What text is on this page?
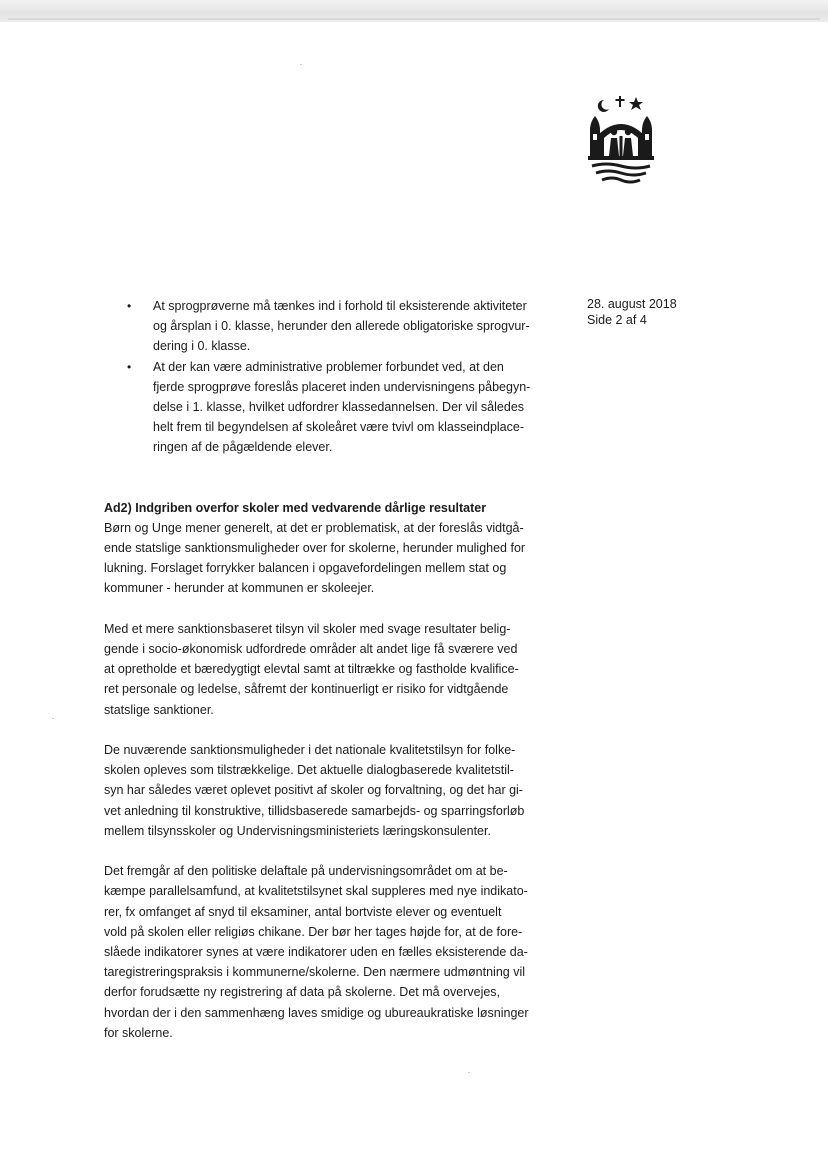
28. august 2018
Side 2 af 4
• At sprogprøverne må tænkes ind i forhold til eksisterende aktiviteter
og årsplan i 0. klasse, herunder den allerede obligatoriske sprogvur-
dering i 0. klasse.
• At der kan være administrative problemer forbundet ved, at den
fjerde sprogprøve foreslås placeret inden undervisningens påbegyn-
delse i 1. klasse, hvilket udfordrer klassedannelsen. Der vil således
helt frem til begyndelsen af skoleåret være tvivl om klasseindplace-
ringen af de pågældende elever.

Ad2) Indgriben overfor skoler med vedvarende dårlige resultater

Børn og Unge mener generelt, at det er problematisk, at der foreslås vidtgå-
ende statslige sanktionsmuligheder over for skolerne, herunder mulighed for
lukning. Forslaget forrykker balancen i opgavefordelingen mellem stat og
kommuner - herunder at kommunen er skoleejer.
Med et mere sanktionsbaseret tilsyn vil skoler med svage resultater belig-
gende i socio-økonomisk udfordrede områder alt andet lige få sværere ved
at opretholde et bæredygtigt elevtal samt at tiltrække og fastholde kvalifice-
ret personale og ledelse, såfremt der kontinuerligt er risiko for vidtgående
statslige sanktioner.
De nuværende sanktionsmuligheder i det nationale kvalitetstilsyn for folke-
skolen opleves som tilstrækkelige. Det aktuelle dialogbaserede kvalitetstil-
syn har således været oplevet positivt af skoler og forvaltning, og det har gi-
vet anledning til konstruktive, tillidsbaserede samarbejds- og sparringsforløb
mellem tilsynsskoler og Undervisningsministeriets læringskonsulenter.
Det fremgår af den politiske delaftale på undervisningsområdet om at be-
kæmpe parallelsamfund, at kvalitetstilsynet skal suppleres med nye indikato-
rer, fx omfanget af snyd til eksaminer, antal bortviste elever og eventuelt
vold på skolen eller religiøs chikane. Der bør her tages højde for, at de fore-
slåede indikatorer synes at være indikatorer uden en fælles eksisterende da-
taregistreringspraksis i kommunerne/skolerne. Den nærmere udmøntning vil
derfor forudsætte ny registrering af data på skolerne. Det må overvejes,
hvordan der i den sammenhæng laves smidige og ubureaukratiske løsninger
for skolerne.
